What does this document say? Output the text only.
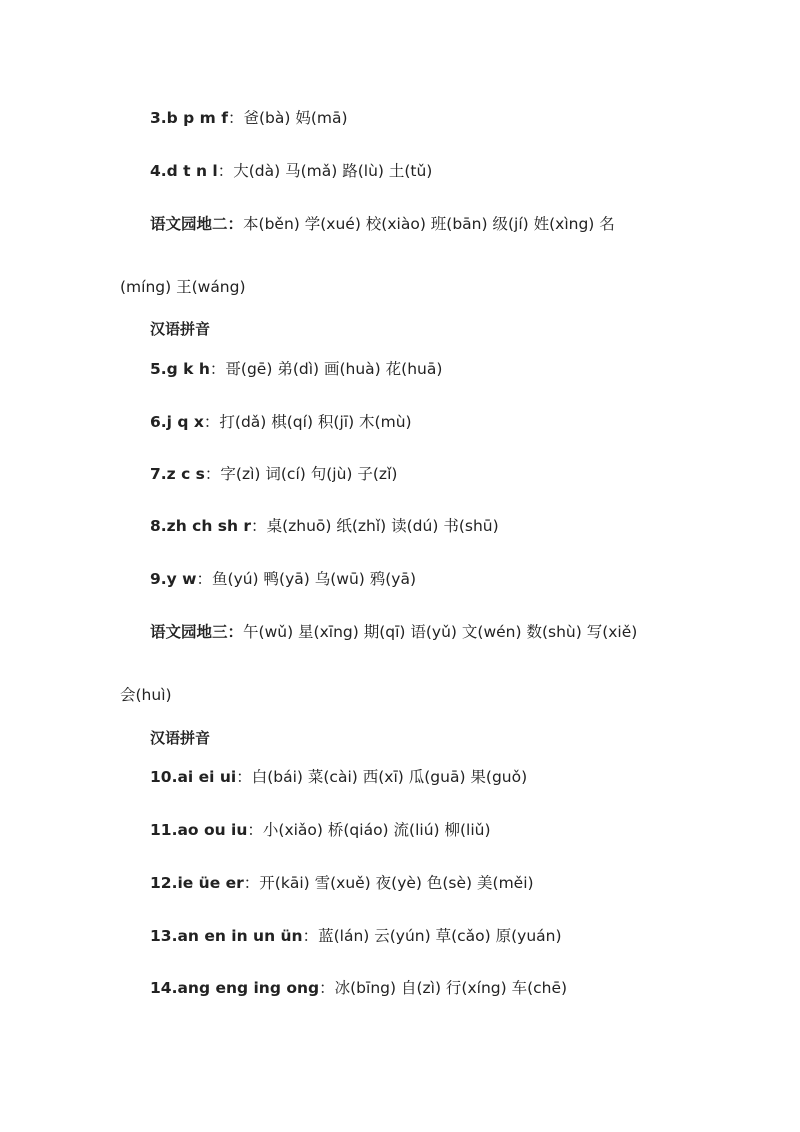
3.b p m f：爸(bà) 妈(mā)
4.d t n l：大(dà) 马(mǎ) 路(lù) 土(tǔ)
语文园地二：本(běn) 学(xué) 校(xiào) 班(bān) 级(jí) 姓(xìng) 名
(míng) 王(wáng)
汉语拼音
5.g k h：哥(gē) 弟(dì) 画(huà) 花(huā)
6.j q x：打(dǎ) 棋(qí) 积(jī) 木(mù)
7.z c s：字(zì) 词(cí) 句(jù) 子(zǐ)
8.zh ch sh r：桌(zhuō) 纸(zhǐ) 读(dú) 书(shū)
9.y w：鱼(yú) 鸭(yā) 乌(wū) 鸦(yā)
语文园地三：午(wǔ) 星(xīng) 期(qī) 语(yǔ) 文(wén) 数(shù) 写(xiě)
会(huì)
汉语拼音
10.ai ei ui：白(bái) 菜(cài) 西(xī) 瓜(guā) 果(guǒ)
11.ao ou iu：小(xiǎo) 桥(qiáo) 流(liú) 柳(liǔ)
12.ie üe er：开(kāi) 雪(xuě) 夜(yè) 色(sè) 美(měi)
13.an en in un ün：蓝(lán) 云(yún) 草(cǎo) 原(yuán)
14.ang eng ing ong：冰(bīng) 自(zì) 行(xíng) 车(chē)
